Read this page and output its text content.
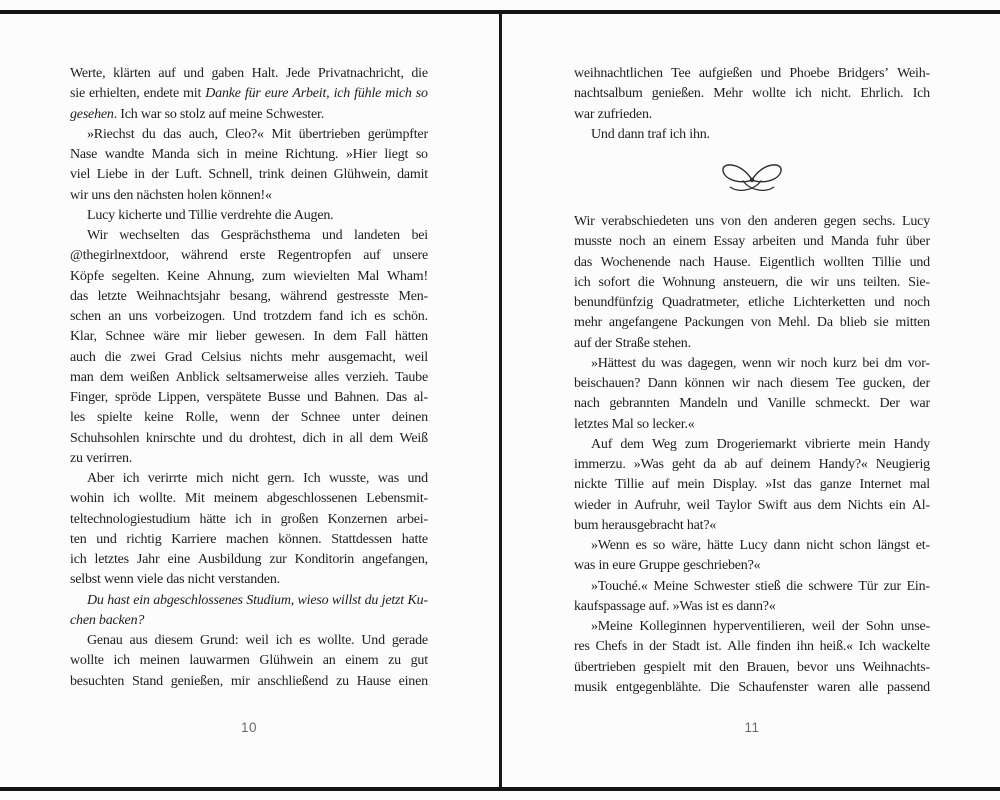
Werte, klärten auf und gaben Halt. Jede Privatnachricht, die
sie erhielten, endete mit Danke für eure Arbeit, ich fühle mich so
gesehen. Ich war so stolz auf meine Schwester.
»Riechst du das auch, Cleo?« Mit übertrieben gerümpfter
Nase wandte Manda sich in meine Richtung. »Hier liegt so
viel Liebe in der Luft. Schnell, trink deinen Glühwein, damit
wir uns den nächsten holen können!«
Lucy kicherte und Tillie verdrehte die Augen.
Wir wechselten das Gesprächsthema und landeten bei
@thegirlnextdoor, während erste Regentropfen auf unsere
Köpfe segelten. Keine Ahnung, zum wievielten Mal Wham!
das letzte Weihnachtsjahr besang, während gestresste Men-
schen an uns vorbeizogen. Und trotzdem fand ich es schön.
Klar, Schnee wäre mir lieber gewesen. In dem Fall hätten
auch die zwei Grad Celsius nichts mehr ausgemacht, weil
man dem weißen Anblick seltsamerweise alles verzieh. Taube
Finger, spröde Lippen, verspätete Busse und Bahnen. Das al-
les spielte keine Rolle, wenn der Schnee unter deinen
Schuhsohlen knirschte und du drohtest, dich in all dem Weiß
zu verirren.
Aber ich verirrte mich nicht gern. Ich wusste, was und
wohin ich wollte. Mit meinem abgeschlossenen Lebensmit-
teltechnologiestudium hätte ich in großen Konzernen arbei-
ten und richtig Karriere machen können. Stattdessen hatte
ich letztes Jahr eine Ausbildung zur Konditorin angefangen,
selbst wenn viele das nicht verstanden.
Du hast ein abgeschlossenes Studium, wieso willst du jetzt Ku-
chen backen?
Genau aus diesem Grund: weil ich es wollte. Und gerade
wollte ich meinen lauwarmen Glühwein an einem zu gut
besuchten Stand genießen, mir anschließend zu Hause einen
10
weihnachtlichen Tee aufgießen und Phoebe Bridgers’ Weih-
nachtsalbum genießen. Mehr wollte ich nicht. Ehrlich. Ich
war zufrieden.
Und dann traf ich ihn.
Wir verabschiedeten uns von den anderen gegen sechs. Lucy
musste noch an einem Essay arbeiten und Manda fuhr über
das Wochenende nach Hause. Eigentlich wollten Tillie und
ich sofort die Wohnung ansteuern, die wir uns teilten. Sie-
benundfünfzig Quadratmeter, etliche Lichterketten und noch
mehr angefangene Packungen von Mehl. Da blieb sie mitten
auf der Straße stehen.
»Hättest du was dagegen, wenn wir noch kurz bei dm vor-
beischauen? Dann können wir nach diesem Tee gucken, der
nach gebrannten Mandeln und Vanille schmeckt. Der war
letztes Mal so lecker.«
Auf dem Weg zum Drogeriemarkt vibrierte mein Handy
immerzu. »Was geht da ab auf deinem Handy?« Neugierig
nickte Tillie auf mein Display. »Ist das ganze Internet mal
wieder in Aufruhr, weil Taylor Swift aus dem Nichts ein Al-
bum herausgebracht hat?«
»Wenn es so wäre, hätte Lucy dann nicht schon längst et-
was in eure Gruppe geschrieben?«
»Touché.« Meine Schwester stieß die schwere Tür zur Ein-
kaufspassage auf. »Was ist es dann?«
»Meine Kolleginnen hyperventilieren, weil der Sohn unse-
res Chefs in der Stadt ist. Alle finden ihn heiß.« Ich wackelte
übertrieben gespielt mit den Brauen, bevor uns Weihnachts-
musik entgegenblähte. Die Schaufenster waren alle passend
11
